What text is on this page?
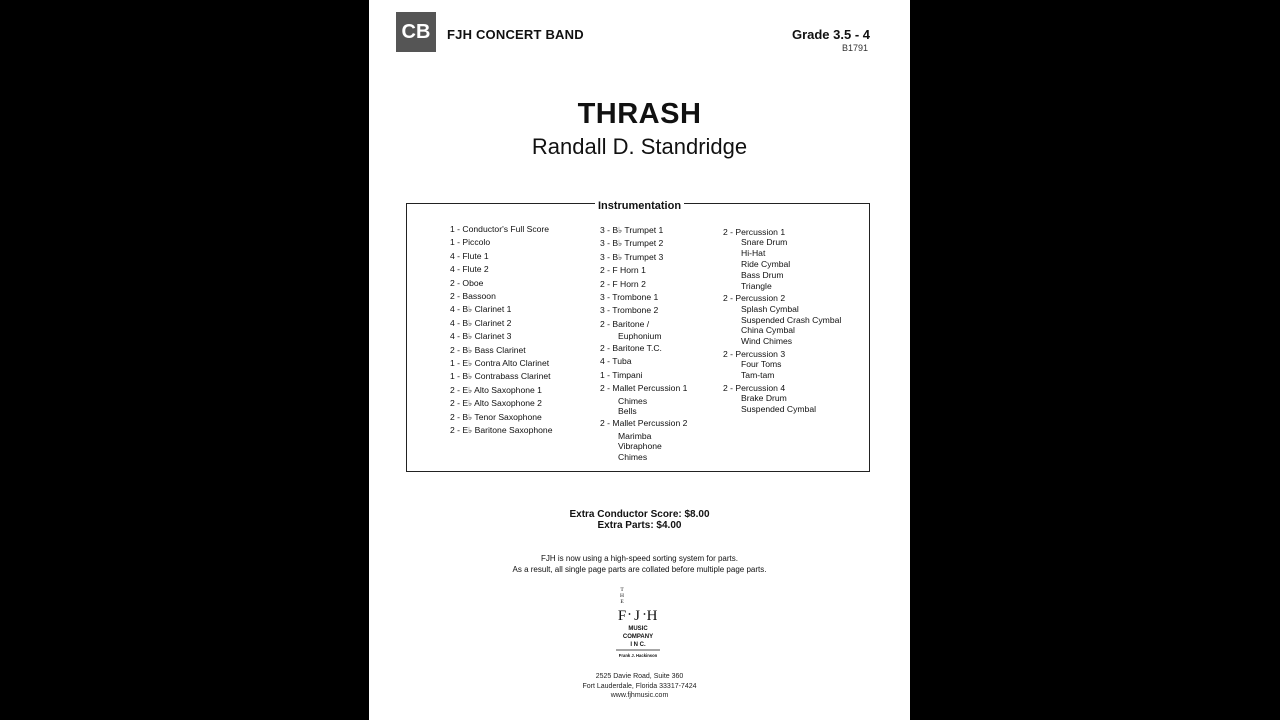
CB	FJH CONCERT BAND	Grade 3.5 - 4
B1791
THRASH
Randall D. Standridge
Instrumentation
1 - Conductor's Full Score
1 - Piccolo
4 - Flute 1
4 - Flute 2
2 - Oboe
2 - Bassoon
4 - B♭ Clarinet 1
4 - B♭ Clarinet 2
4 - B♭ Clarinet 3
2 - B♭ Bass Clarinet
1 - E♭ Contra Alto Clarinet
1 - B♭ Contrabass Clarinet
2 - E♭ Alto Saxophone 1
2 - E♭ Alto Saxophone 2
2 - B♭ Tenor Saxophone
2 - E♭ Baritone Saxophone
3 - B♭ Trumpet 1
3 - B♭ Trumpet 2
3 - B♭ Trumpet 3
2 - F Horn 1
2 - F Horn 2
3 - Trombone 1
3 - Trombone 2
2 - Baritone /
Euphonium
2 - Baritone T.C.
4 - Tuba
1 - Timpani
2 - Mallet Percussion 1
Chimes
Bells
2 - Mallet Percussion 2
Marimba
Vibraphone
Chimes
2 - Percussion 1
Snare Drum
Hi-Hat
Ride Cymbal
Bass Drum
Triangle
2 - Percussion 2
Splash Cymbal
Suspended Crash Cymbal
China Cymbal
Wind Chimes
2 - Percussion 3
Four Toms
Tam-tam
2 - Percussion 4
Brake Drum
Suspended Cymbal
Extra Conductor Score: $8.00
Extra Parts: $4.00
FJH is now using a high-speed sorting system for parts.
As a result, all single page parts are collated before multiple page parts.
T
H
E
F J H
MUSIC
COMPANY
I N C.
Frank J. Hackinson
2525 Davie Road, Suite 360
Fort Lauderdale, Florida 33317-7424
www.fjhmusic.com
